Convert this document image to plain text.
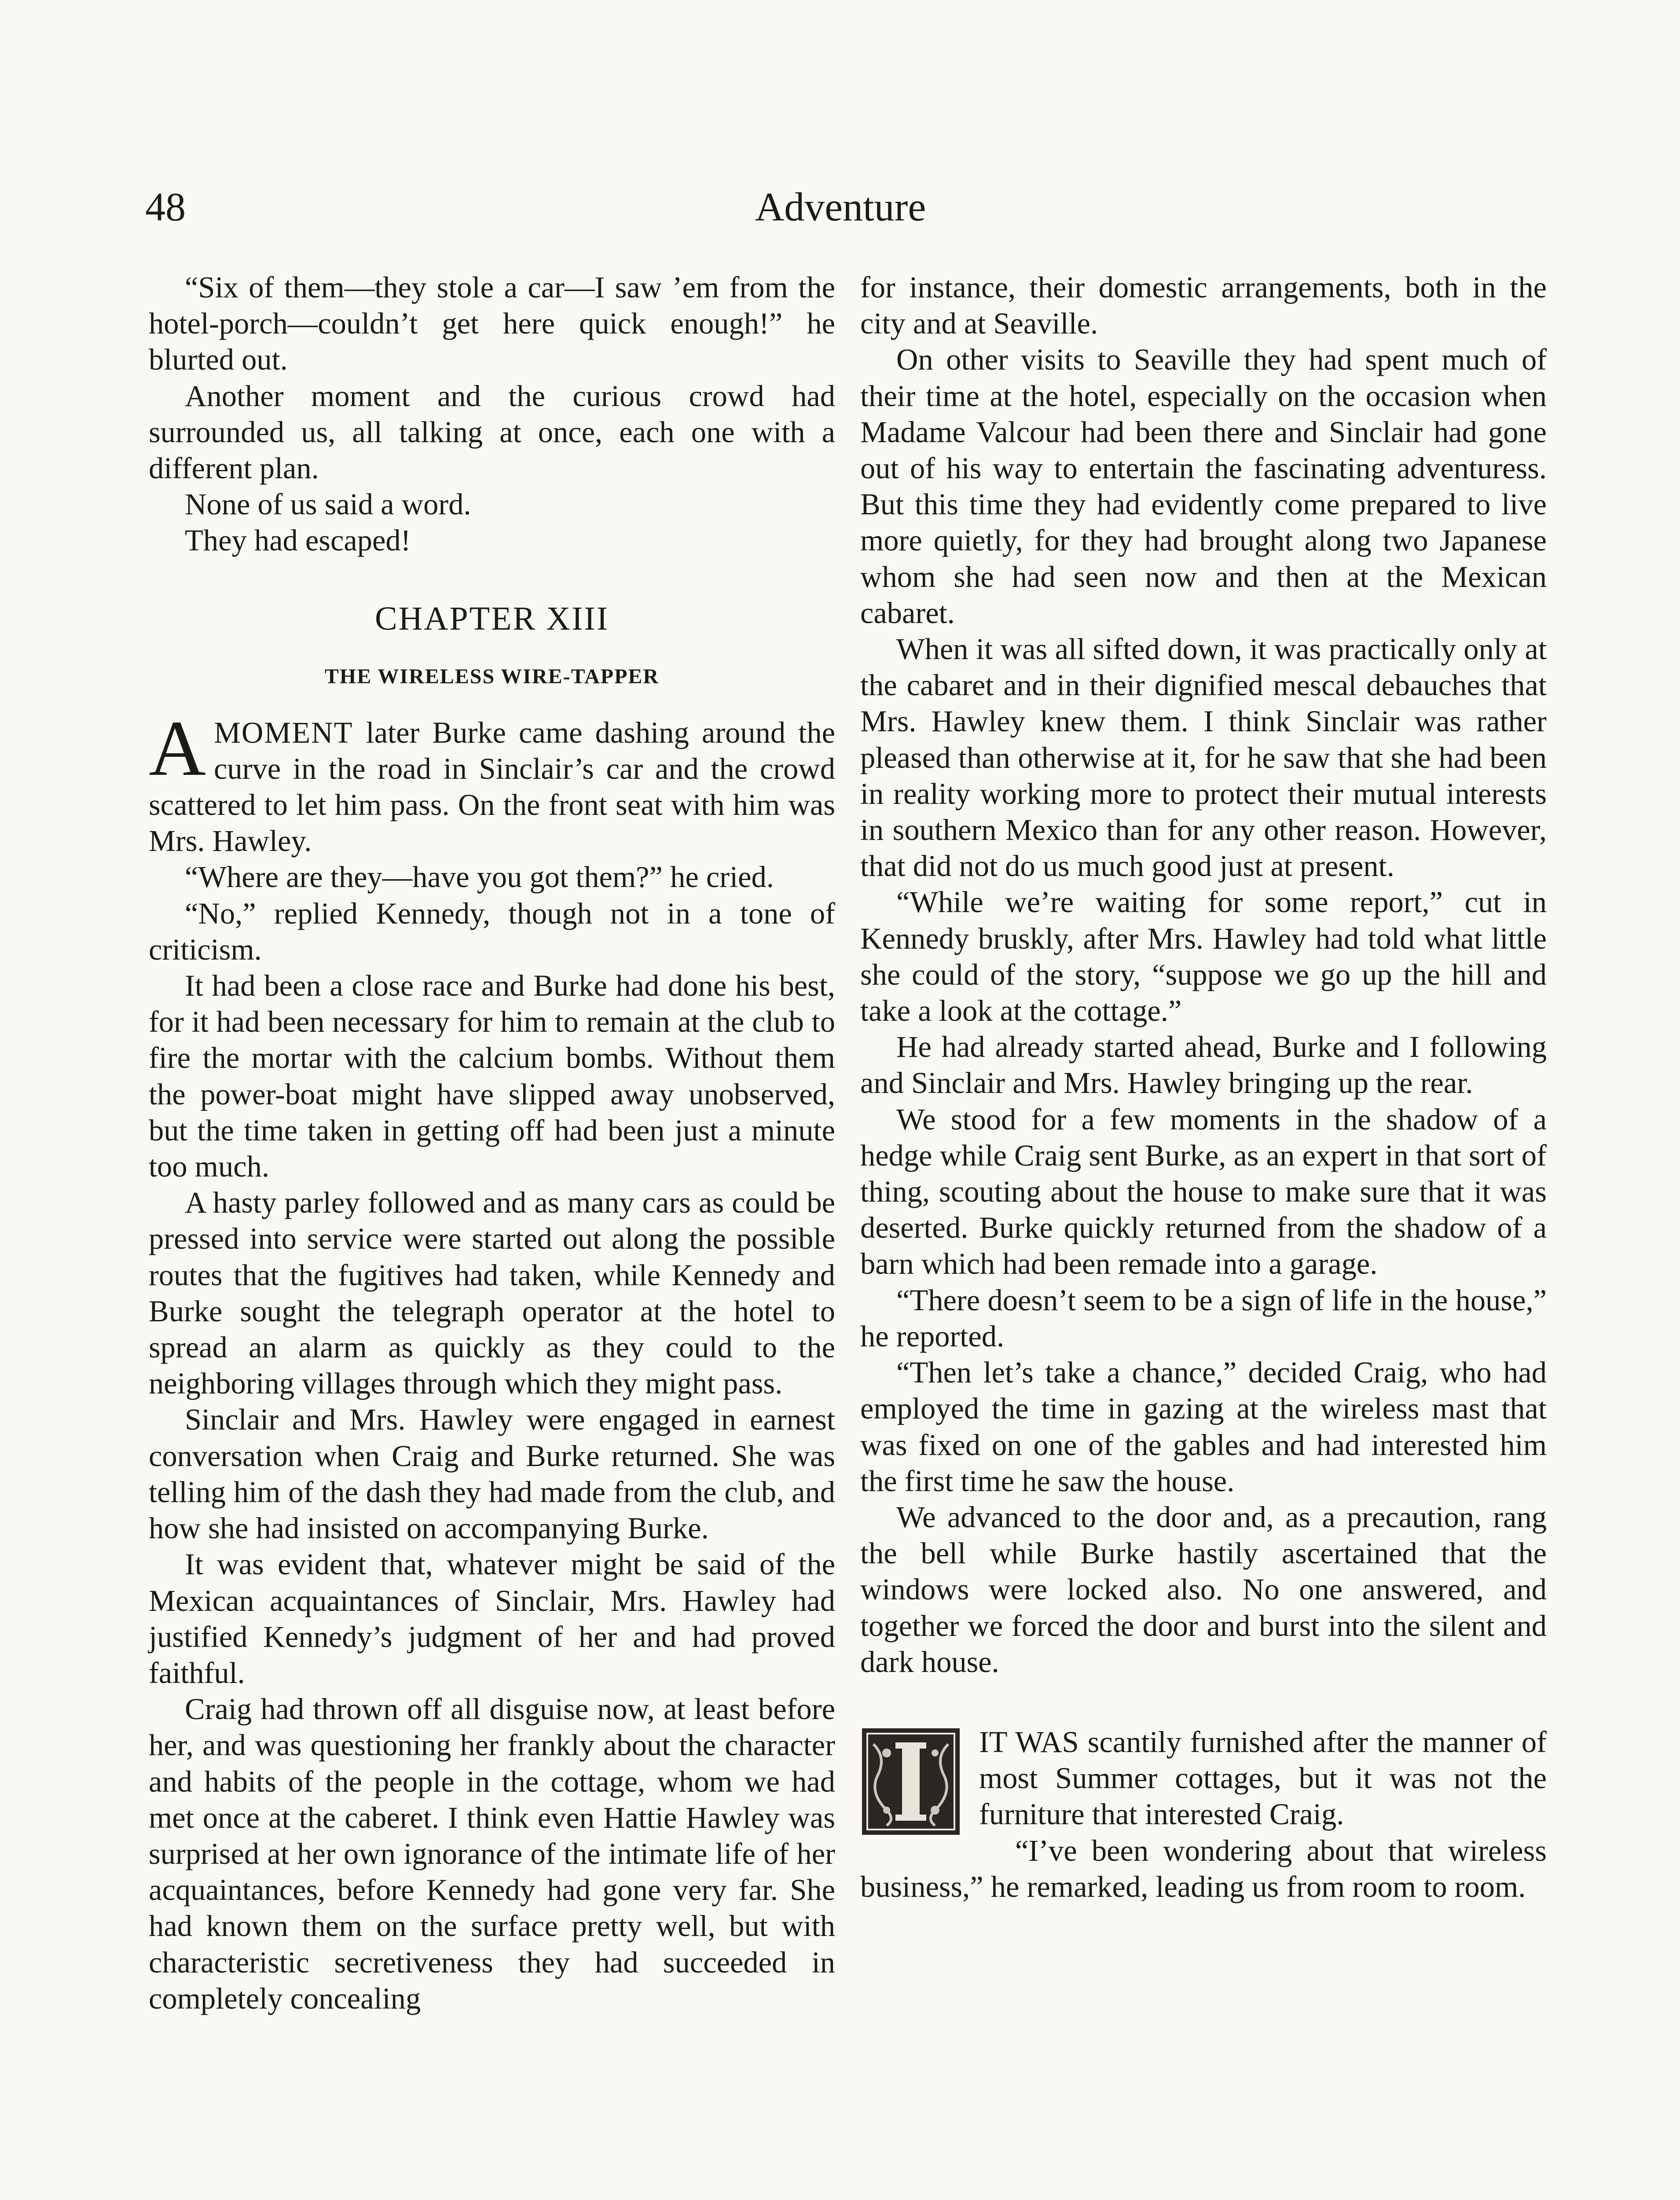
48	Adventure

“Six of them—they stole a car—I saw ’em from the hotel-porch—couldn’t get here quick enough!” he blurted out.

Another moment and the curious crowd had surrounded us, all talking at once, each one with a different plan.

None of us said a word.

They had escaped!

CHAPTER XIII
THE WIRELESS WIRE-TAPPER

AMOMENT later Burke came dashing around the curve in the road in Sinclair’s car and the crowd scattered to let him pass. On the front seat with him was Mrs. Hawley.

“Where are they—have you got them?” he cried.

“No,” replied Kennedy, though not in a tone of criticism.

It had been a close race and Burke had done his best, for it had been necessary for him to remain at the club to fire the mortar with the calcium bombs. Without them the power-boat might have slipped away unobserved, but the time taken in getting off had been just a minute too much.

A hasty parley followed and as many cars as could be pressed into service were started out along the possible routes that the fugitives had taken, while Kennedy and Burke sought the telegraph operator at the hotel to spread an alarm as quickly as they could to the neighboring villages through which they might pass.

Sinclair and Mrs. Hawley were engaged in earnest conversation when Craig and Burke returned. She was telling him of the dash they had made from the club, and how she had insisted on accompanying Burke.

It was evident that, whatever might be said of the Mexican acquaintances of Sinclair, Mrs. Hawley had justified Kennedy’s judgment of her and had proved faithful.

Craig had thrown off all disguise now, at least before her, and was questioning her frankly about the character and habits of the people in the cottage, whom we had met once at the caberet. I think even Hattie Hawley was surprised at her own ignorance of the intimate life of her acquaintances, before Kennedy had gone very far. She had known them on the surface pretty well, but with characteristic secretiveness they had succeeded in completely concealing

for instance, their domestic arrangements, both in the city and at Seaville.

On other visits to Seaville they had spent much of their time at the hotel, especially on the occasion when Madame Valcour had been there and Sinclair had gone out of his way to entertain the fascinating adventuress. But this time they had evidently come prepared to live more quietly, for they had brought along two Japanese whom she had seen now and then at the Mexican cabaret.

When it was all sifted down, it was practically only at the cabaret and in their dignified mescal debauches that Mrs. Hawley knew them. I think Sinclair was rather pleased than otherwise at it, for he saw that she had been in reality working more to protect their mutual interests in southern Mexico than for any other reason. However, that did not do us much good just at present.

“While we’re waiting for some report,” cut in Kennedy bruskly, after Mrs. Hawley had told what little she could of the story, “suppose we go up the hill and take a look at the cottage.”

He had already started ahead, Burke and I following and Sinclair and Mrs. Hawley bringing up the rear.

We stood for a few moments in the shadow of a hedge while Craig sent Burke, as an expert in that sort of thing, scouting about the house to make sure that it was deserted. Burke quickly returned from the shadow of a barn which had been remade into a garage.

“There doesn’t seem to be a sign of life in the house,” he reported.

“Then let’s take a chance,” decided Craig, who had employed the time in gazing at the wireless mast that was fixed on one of the gables and had interested him the first time he saw the house.

We advanced to the door and, as a precaution, rang the bell while Burke hastily ascertained that the windows were locked also. No one answered, and together we forced the door and burst into the silent and dark house.

IT WAS scantily furnished after the manner of most Summer cottages, but it was not the furniture that interested Craig.

“I’ve been wondering about that wireless business,” he remarked, leading us from room to room.
